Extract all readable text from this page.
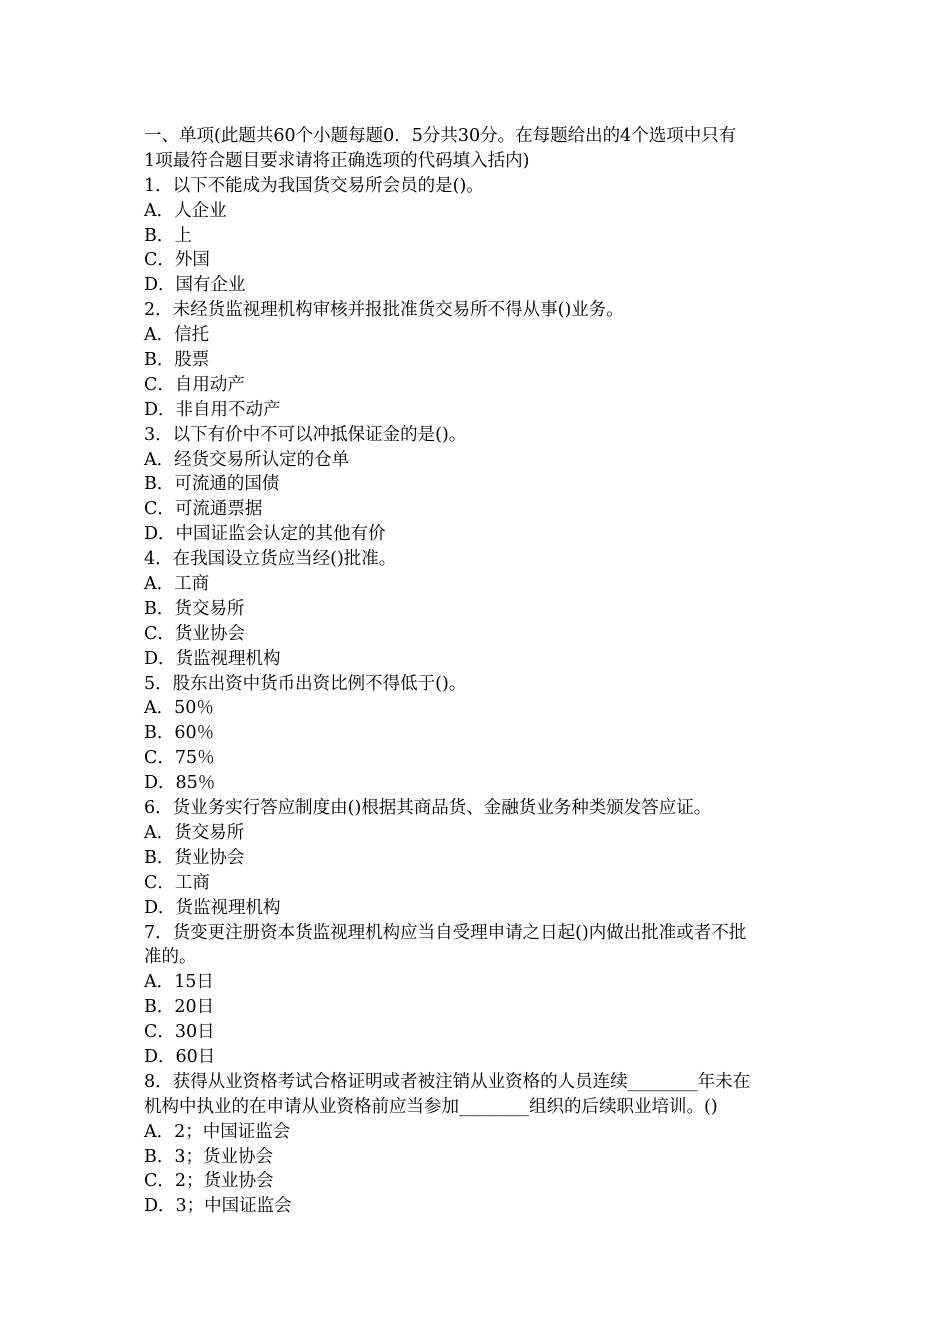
一、单项(此题共60个小题每题0．5分共30分。在每题给出的4个选项中只有
1项最符合题目要求请将正确选项的代码填入括内)
1．以下不能成为我国货交易所会员的是()。
A．人企业
B．上
C．外国
D．国有企业
2．未经货监视理机构审核并报批准货交易所不得从事()业务。
A．信托
B．股票
C．自用动产
D．非自用不动产
3．以下有价中不可以冲抵保证金的是()。
A．经货交易所认定的仓单
B．可流通的国债
C．可流通票据
D．中国证监会认定的其他有价
4．在我国设立货应当经()批准。
A．工商
B．货交易所
C．货业协会
D．货监视理机构
5．股东出资中货币出资比例不得低于()。
A．50％
B．60％
C．75％
D．85％
6．货业务实行答应制度由()根据其商品货、金融货业务种类颁发答应证。
A．货交易所
B．货业协会
C．工商
D．货监视理机构
7．货变更注册资本货监视理机构应当自受理申请之日起()内做出批准或者不批
准的。
A．15日
B．20日
C．30日
D．60日
8．获得从业资格考试合格证明或者被注销从业资格的人员连续________年未在
机构中执业的在申请从业资格前应当参加________组织的后续职业培训。()
A．2；中国证监会
B．3；货业协会
C．2；货业协会
D．3；中国证监会
